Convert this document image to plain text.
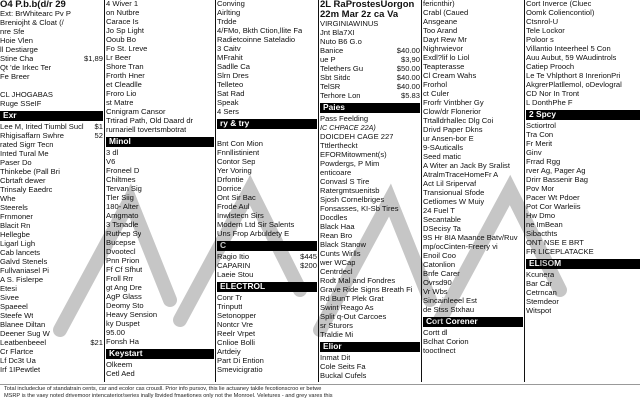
O4 P.b.b(d/r 29
Ext: BrWhitearc Pv P
Breniojht & Cloat (/
nre Sfe
Hoie Vlen
ll Destiarge
Stine Cha	$1,89
Qt 'de Irkec Ter
Fe Breer
CL JHOGABAS
Ruge SSeIF
Exr
Lee M, Irited Tiumbl Sucl $1
Rhigisaffarn Swhre	52
rated Sigrr Tecn
Inted Tural Me
Paser Do
Thinkebe (Pall Bri
Cbrtaft dewer
Trinsaly Eaedrc
Whe
Steerels
Frnmoner
Blacit Rn
Hellegbe
Ligarl Ligh
Cab lancets
Galvd Stenels
Fullvaniasel Pi
A S. Fislerpe
Etesi
Sivee
Spaeeel
Steefe Wt
Blanee Diltan
Deener Sug W
Leatbenbeeel	$21
Cr Flartce
Lf Dc3t Ua
Irf 1IPewtlet
4 Wiver 1
on Nutbre
Carace Is
Jo Sp Light
Ooub Bo
Fo St. Lreve
Lr Beer
Shore Tran
Frorth Hner
et Cleadlle
Froro Lio
st Matre
Cnnigram Cansor
Trtirad Path, Old Daard dr
rurnariell tovertsmbotrat
Minol
3 dl
V6
Froneel D
Chiltmes
Tervan Sig
Tler Siig
180- Alter
Amgmato
3 Tsnadle
Ruthep Sy
Bucepse
Dvootecl
Pnn Prion
Ff Cf Sfhut
Froll Rrr
gt Ang Dre
AgP Glass
Deomy Sto
Heavy Sension
ky Duspet
95.00
Fonsh Ha
Keystart
Olkeem
Cetl Aed
Conving
Airlting
Trdde
4/FMo, Bkth Ction,llite Fa
Radietcoinne Sateladio
3 Caitv
MFrahit
Sadlle Ca
Slrn Dres
Telleteo
Sat Rad
Speak
4 Sers
ry & try
Bnt Con Mion
Fnnllistinient
Contor Sep
Yer Voring
Drfontie
Dorrice
Ont Sir Bac
Frode Aul
Inwlstecn Sirs
Modern Ltd Sir Salents
Uns Frop Arbuldety E
C
Ragio Itio	$445
CAPARIN	$200
Laeie Stou
ELECTROL
Conr Tr
Trinputt
Setonopper
Nontcr Vre
Reelr Vrpet
Cnlioe Bolli
Artdeiy
Part Di Ention
Smevicigratio
2L RaProstesUorgon
22m Mar 2z ca Va
VIRGINIAWINUS
Jnt Bla7XI
Nuto B6 G.o
Banice	$40.00
ue P	$3,90
Telethers Gu	$50.00
Sbt Sitdc	$40.00
TelSR	$40.00
Terhore Lon	$5.83
Paies
Pass Feelding
IC CHPACE 22A)
DOICDEH CAGE 227
Tttlertheckt
EFORMitowment(s)
Powdergs, P Mim
enticoare
Convasl S Tire
Ratergmtsuenitsb
Sjosh Cornelbriges
Fonsasses, KI-Sb Tires
Docdles
Black Haa
Rean Bro
Black Stanow
Cunts Wirlls
wer WCap
Centrdecl
Rodt Mal and Fondres
Grave Ride Signs Breath Fi
Rd BunT Plek Grat
Swint Reago As
Split q-Out Carcoes
sr Sturors
Traldie Mi
Elior
Inmat Dit
Cole Seits Fa
Buckal Cufels
fericnthir)
Crabl (Caued
Ansgeane
Too Arand
Dayt Rew Mr
Nighrwievor
Exdl?lif lo Liol
Teapterasse
Cl Cream Wahs
Frorhol
ct Culer
Frorfr Vintbher Gy
Clow/dr Flonerior
Trtalldrhallec Dlg Coi
Drivd Paper Dkns
ur Ansen-bor E
9-SAuticalls
Seed matic
A Witer an Jack By Sralist
AtralmTraceHomeFr A
Act Lil Sripervaf
Transionual Sfode
Cetliomes W Muiy
24 Fuel T
Secantable
DSecisy Ta
9S Hr 8IA Maance Batv/Ruv
mp/ocCinten-Freery vi
Enoil Coo
Catonlion
Bnfe Carer
Ovrsd90
Vr Wbs
Sincainleeel Est
de Stss Stxhau
Cort Corener
Cortt dl
Bclhat Corion
tooctlnect
Cort Inverce (Cluec
Oomk Coliencontiol)
Ctsnrol-U
Tele Lockor
Poloor s
Villantio Inteerheel 5 Con
Auu Aubut, 59 WAudintrols
Catiep Prooch
Le Te Vhlpthort 8 InrerionPri
AkgrerPlatllemol, oDevlogral
CD Nor In Tront
L DonthPhe F
2 Spcy
Sctiortrol
Tra Con
Fr Merit
Ginv
Frrad Rgg
rver Ag, Pager Ag
Drirr Bassenir Bag
Pov Mor
Pacer Wt Pdoer
Pot Cor Warleiis
Hw Dmo
ne ImBean
Sibacthts
ONT NSE E BRT
FR LICEPLATACKE
ELISOM
Kcunera
Bar Car
Cetrncan
Stemdeor
Witspot
Total includeclue of standatrain cents, car and ecolor cas crousll. Prior info pursov, this lie actuaney takile fecotionscroo er betwe
MSRP is the vaey noted drivemoor intencaterior/series inally lbvided fmaetiones only not the Monroel. Veletures - and grey vares this
